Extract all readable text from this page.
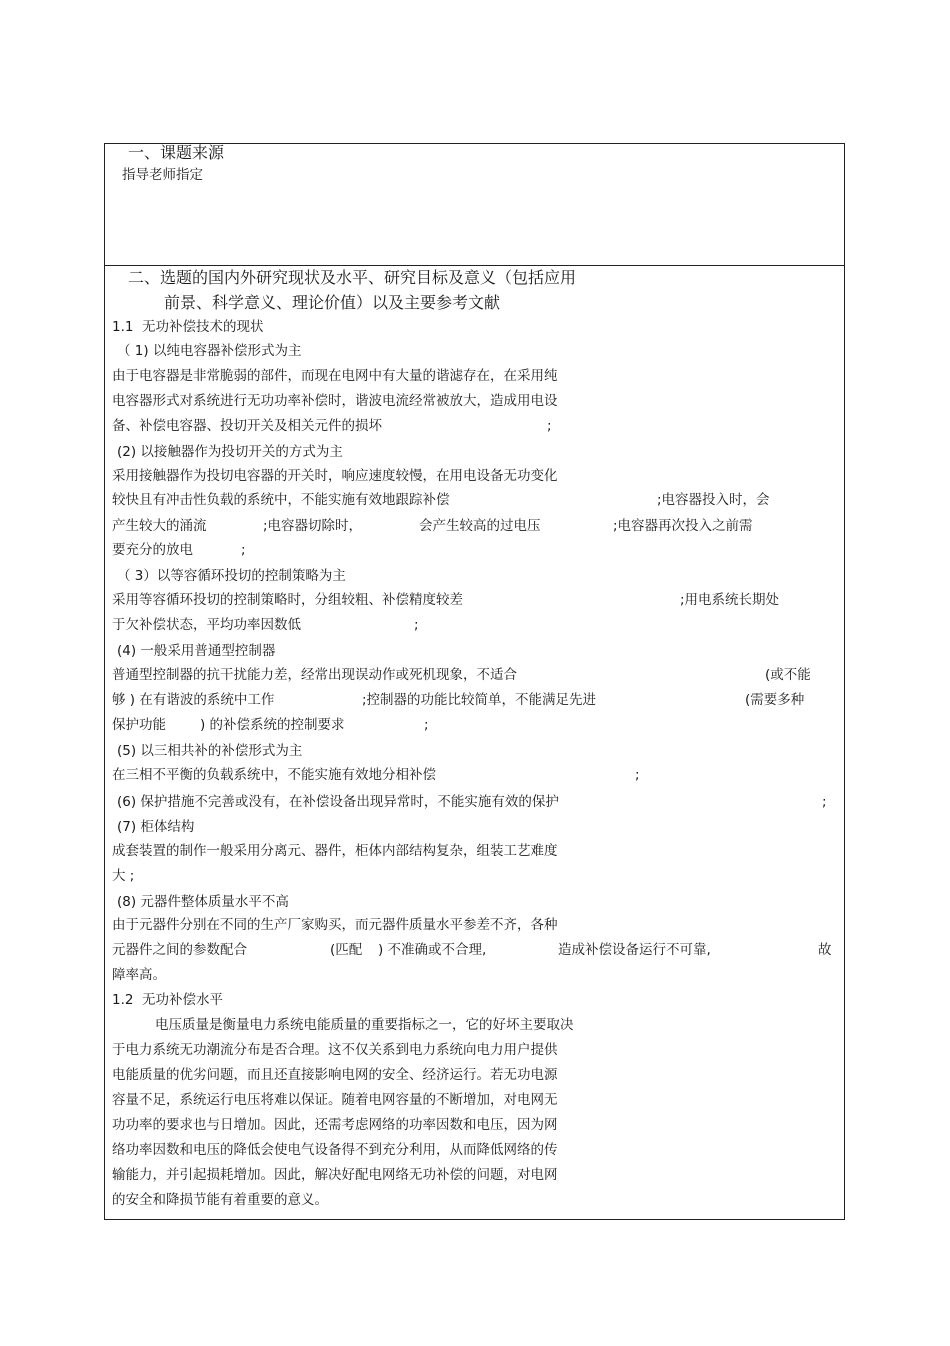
一、课题来源
指导老师指定
二、选题的国内外研究现状及水平、研究目标及意义（包括应用
前景、科学意义、理论价值）以及主要参考文献
1.1  无功补偿技术的现状
（ 1) 以纯电容器补偿形式为主
由于电容器是非常脆弱的部件，而现在电网中有大量的谐滤存在，在采用纯
电容器形式对系统进行无功功率补偿时，谐波电流经常被放大，造成用电设
备、补偿电容器、投切开关及相关元件的损坏	;
(2) 以接触器作为投切开关的方式为主
采用接触器作为投切电容器的开关时，响应速度较慢，在用电设备无功变化
较快且有冲击性负载的系统中，不能实施有效地跟踪补偿	;电容器投入时，会
产生较大的涌流	;电容器切除时，	会产生较高的过电压	;电容器再次投入之前需
要充分的放电	;
（ 3）以等容循环投切的控制策略为主
采用等容循环投切的控制策略时，分组较粗、补偿精度较差	;用电系统长期处
于欠补偿状态，平均功率因数低	;
(4) 一般采用普通型控制器
普通型控制器的抗干扰能力差，经常出现误动作或死机现象，不适合	(或不能
够 ) 在有谐波的系统中工作	;控制器的功能比较简单，不能满足先进	(需要多种
保护功能	) 的补偿系统的控制要求	;
(5) 以三相共补的补偿形式为主
在三相不平衡的负载系统中，不能实施有效地分相补偿	;
(6) 保护措施不完善或没有，在补偿设备出现异常时，不能实施有效的保护	;
(7) 柜体结构
成套装置的制作一般采用分离元、器件，柜体内部结构复杂，组装工艺难度
大 ;
(8) 元器件整体质量水平不高
由于元器件分别在不同的生产厂家购买，而元器件质量水平参差不齐，各种
元器件之间的参数配合	(匹配 ) 不准确或不合理,	造成补偿设备运行不可靠,	故
障率高。
1.2  无功补偿水平
电压质量是衡量电力系统电能质量的重要指标之一，它的好坏主要取决
于电力系统无功潮流分布是否合理。这不仅关系到电力系统向电力用户提供
电能质量的优劣问题，而且还直接影响电网的安全、经济运行。若无功电源
容量不足，系统运行电压将难以保证。随着电网容量的不断增加，对电网无
功功率的要求也与日增加。因此，还需考虑网络的功率因数和电压，因为网
络功率因数和电压的降低会使电气设备得不到充分利用，从而降低网络的传
输能力，并引起损耗增加。因此，解决好配电网络无功补偿的问题，对电网
的安全和降损节能有着重要的意义。
